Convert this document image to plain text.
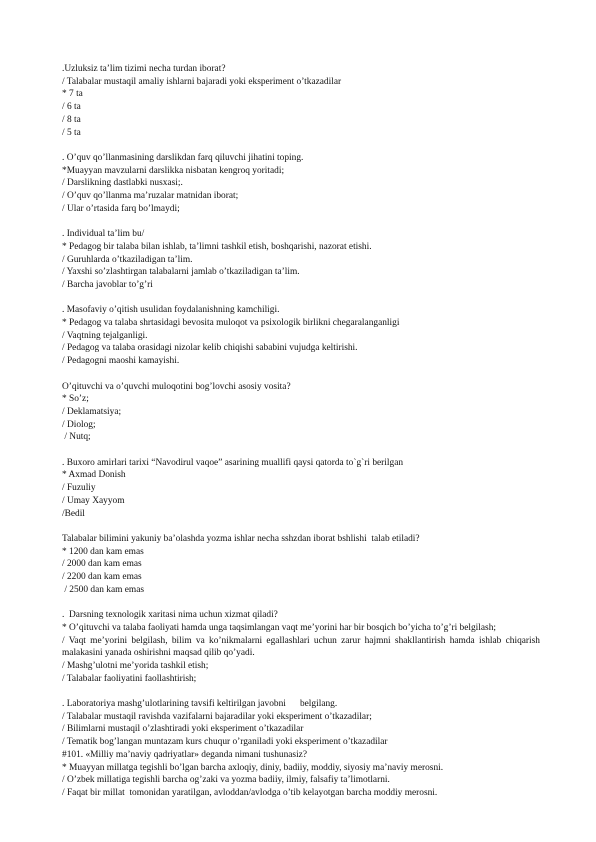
.Uzluksiz ta’lim tizimi necha turdan iborat?
/ Talabalar mustaqil amaliy ishlarni bajaradi yoki eksperiment o’tkazadilar
* 7 ta
/ 6 ta
/ 8 ta
/ 5 ta
. O’quv qo’llanmasining darslikdan farq qiluvchi jihatini toping.
*Muayyan mavzularni darslikka nisbatan kengroq yoritadi;
/ Darslikning dastlabki nusxasi;.
/ O’quv qo’llanma ma’ruzalar matnidan iborat;
/ Ular o’rtasida farq bo’lmaydi;
. Individual ta’lim bu/
* Pedagog bir talaba bilan ishlab, ta’limni tashkil etish, boshqarishi, nazorat etishi.
/ Guruhlarda o’tkaziladigan ta’lim.
/ Yaxshi so’zlashtirgan talabalarni jamlab o’tkaziladigan ta’lim.
/ Barcha javoblar to’g’ri
. Masofaviy o’qitish usulidan foydalanishning kamchiligi.
* Pedagog va talaba shrtasidagi bevosita muloqot va psixologik birlikni chegaralanganligi
/ Vaqtning tejalganligi.
/ Pedagog va talaba orasidagi nizolar kelib chiqishi sababini vujudga keltirishi.
/ Pedagogni maoshi kamayishi.
O’qituvchi va o’quvchi muloqotini bog’lovchi asosiy vosita?
* So’z;
/ Deklamatsiya;
/ Diolog;
/ Nutq;
. Buxoro amirlari tarixi “Navodirul vaqoe” asarining muallifi qaysi qatorda to`g`ri berilgan
* Axmad Donish
/ Fuzuliy
/ Umay Xayyom
/Bedil
Talabalar bilimini yakuniy ba’olashda yozma ishlar necha sshzdan iborat bshlishi  talab etiladi?
* 1200 dan kam emas
/ 2000 dan kam emas
/ 2200 dan kam emas
/ 2500 dan kam emas
.  Darsning texnologik xaritasi nima uchun xizmat qiladi?
* O’qituvchi va talaba faoliyati hamda unga taqsimlangan vaqt me’yorini har bir bosqich bo’yicha to’g’ri belgilash;
/ Vaqt me’yorini belgilash, bilim va ko’nikmalarni egallashlari uchun zarur hajmni shakllantirish hamda ishlab chiqarish malakasini yanada oshirishni maqsad qilib qo’yadi.
/ Mashg’ulotni me’yorida tashkil etish;
/ Talabalar faoliyatini faollashtirish;
. Laboratoriya mashg’ulotlarining tavsifi keltirilgan javobni      belgilang.
/ Talabalar mustaqil ravishda vazifalarni bajaradilar yoki eksperiment o’tkazadilar;
/ Bilimlarni mustaqil o’zlashtiradi yoki eksperiment o’tkazadilar
/ Tematik bog’langan muntazam kurs chuqur o’rganiladi yoki eksperiment o’tkazadilar
#101. «Milliy ma’naviy qadriyatlar» deganda nimani tushunasiz?
* Muayyan millatga tegishli bo’lgan barcha axloqiy, diniy, badiiy, moddiy, siyosiy ma’naviy merosni.
/ O’zbek millatiga tegishli barcha og’zaki va yozma badiiy, ilmiy, falsafiy ta’limotlarni.
/ Faqat bir millat  tomonidan yaratilgan, avloddan/avlodga o’tib kelayotgan barcha moddiy merosni.
